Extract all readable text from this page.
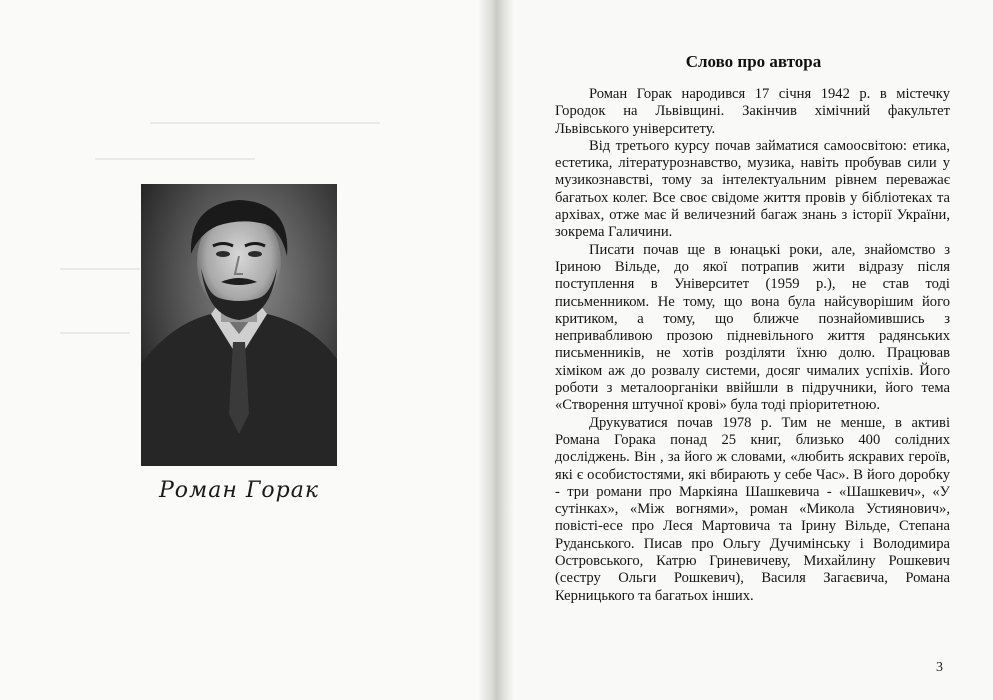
Роман Горак
Слово про автора

Роман Горак народився 17 січня 1942 р. в містечку Городок на Львівщині. Закінчив хімічний факультет Львівського університету.

Від третього курсу почав займатися самоосвітою: етика, естетика, літературознавство, музика, навіть пробував сили у музикознавстві, тому за інтелектуальним рівнем переважає багатьох колег. Все своє свідоме життя провів у бібліотеках та архівах, отже має й величезний багаж знань з історії України, зокрема Галичини.

Писати почав ще в юнацькі роки, але, знайомство з Іриною Вільде, до якої потрапив жити відразу після поступлення в Університет (1959 р.), не став тоді письменником. Не тому, що вона була найсуворішим його критиком, а тому, що ближче познайомившись з непривабливою прозою підневільного життя радянських письменників, не хотів розділяти їхню долю. Працював хіміком аж до розвалу системи, досяг чималих успіхів. Його роботи з металоорганіки ввійшли в підручники, його тема «Створення штучної крові» була тоді пріоритетною.

Друкуватися почав 1978 р. Тим не менше, в активі Романа Горака понад 25 книг, близько 400 солідних досліджень. Він , за його ж словами, «любить яскравих героїв, які є особистостями, які вбирають у себе Час». В його доробку - три романи про Маркіяна Шашкевича - «Шашкевич», «У сутінках», «Між вогнями», роман «Микола Устиянович», повісті-есе про Леся Мартовича та Ірину Вільде, Степана Руданського. Писав про Ольгу Дучимінську і Володимира Островського, Катрю Гриневичеву, Михайлину Рошкевич (сестру Ольги Рошкевич), Василя Загаєвича, Романа Керницького та багатьох інших.

3
